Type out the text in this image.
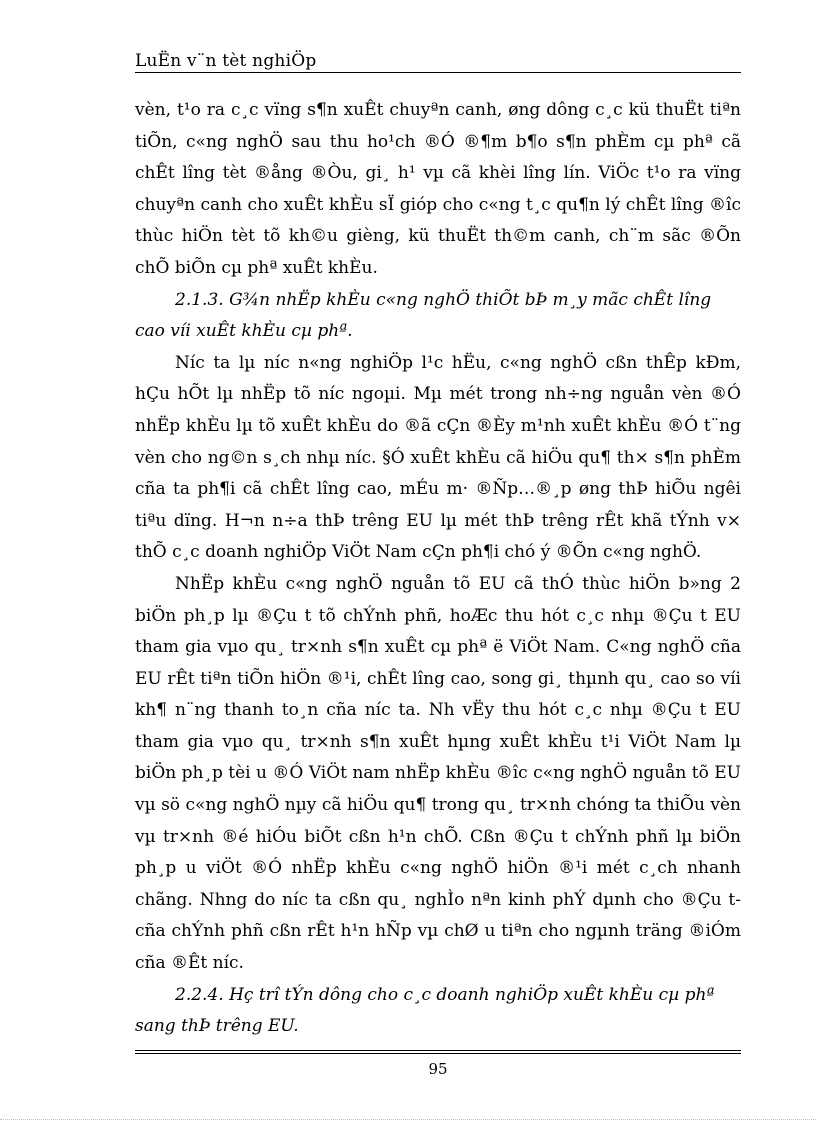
LuËn v¨n tèt nghiÖp

vèn, t¹o ra c¸c vïng s¶n xuÊt chuyªn canh, øng dông c¸c kü thuËt tiªn tiÕn, c«ng nghÖ sau thu ho¹ch ®Ó ®¶m b¶o s¶n phÈm cµ phª cã chÊt lîng tèt ®ång ®Òu, gi¸ h¹ vµ cã khèi lîng lín. ViÖc t¹o ra vïng chuyªn canh cho xuÊt khÈu sÏ gióp cho c«ng t¸c qu¶n lý chÊt lîng ®îc thùc hiÖn tèt tõ kh©u gièng, kü thuËt th©m canh, ch¨m sãc ®Õn chÕ biÕn cµ phª xuÊt khÈu.

2.1.3. G¾n nhËp khÈu c«ng nghÖ thiÕt bÞ m¸y mãc chÊt lîng cao víi xuÊt khÈu cµ phª.

Níc ta lµ níc n«ng nghiÖp l¹c hËu, c«ng nghÖ cßn thÊp kÐm, hÇu hÕt lµ nhËp tõ níc ngoµi. Mµ mét trong nh÷ng nguån vèn ®Ó nhËp khÈu lµ tõ xuÊt khÈu do ®ã cÇn ®Èy m¹nh xuÊt khÈu ®Ó t¨ng vèn cho ng©n s¸ch nhµ níc. §Ó xuÊt khÈu cã hiÖu qu¶ th× s¶n phÈm cña ta ph¶i cã chÊt lîng cao, mÉu m· ®Ñp…®¸p øng thÞ hiÕu ngêi tiªu dïng. H¬n n÷a thÞ trêng EU lµ mét thÞ trêng rÊt khã tÝnh v× thÕ c¸c doanh nghiÖp ViÖt Nam cÇn ph¶i chó ý ®Õn c«ng nghÖ.

NhËp khÈu c«ng nghÖ nguån tõ EU cã thÓ thùc hiÖn b»ng 2 biÖn ph¸p lµ ®Çu t tõ chÝnh phñ, hoÆc thu hót c¸c nhµ ®Çu t EU tham gia vµo qu¸ tr×nh s¶n xuÊt cµ phª ë ViÖt Nam. C«ng nghÖ cña EU rÊt tiªn tiÕn hiÖn ®¹i, chÊt lîng cao, song gi¸ thµnh qu¸ cao so víi kh¶ n¨ng thanh to¸n cña níc ta. Nh vËy thu hót c¸c nhµ ®Çu t EU tham gia vµo qu¸ tr×nh s¶n xuÊt hµng xuÊt khÈu t¹i ViÖt Nam lµ biÖn ph¸p tèi u ®Ó ViÖt nam nhËp khÈu ®îc c«ng nghÖ nguån tõ EU vµ sö c«ng nghÖ nµy cã hiÖu qu¶ trong qu¸ tr×nh chóng ta thiÕu vèn vµ tr×nh ®é hiÓu biÕt cßn h¹n chÕ. Cßn ®Çu t chÝnh phñ lµ biÖn ph¸p u viÖt ®Ó nhËp khÈu c«ng nghÖ hiÖn ®¹i mét c¸ch nhanh chãng. Nhng do níc ta cßn qu¸ nghÌo nªn kinh phÝ dµnh cho ®Çu t cña chÝnh phñ cßn rÊt h¹n hÑp vµ chØ u tiªn cho ngµnh träng ®iÓm cña ®Êt níc.

2.2.4. Hç trî tÝn dông cho c¸c doanh nghiÖp xuÊt khÈu cµ phª sang thÞ trêng EU.

95
